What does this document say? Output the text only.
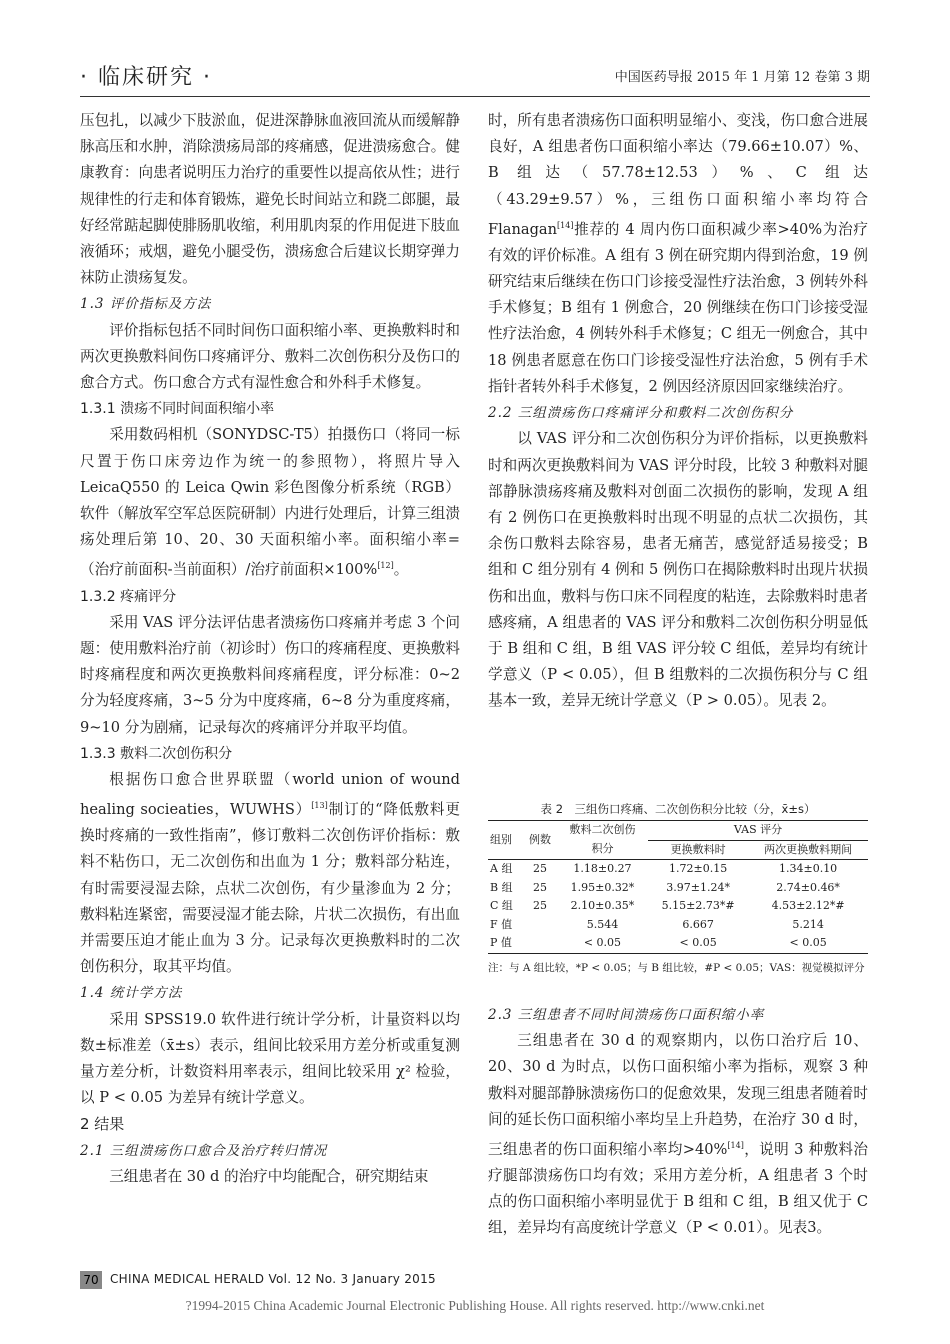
· 临床研究 ·	中国医药导报 2015 年 1 月第 12 卷第 3 期

压包扎，以减少下肢淤血，促进深静脉血液回流从而缓解静脉高压和水肿，消除溃疡局部的疼痛感，促进溃疡愈合。健康教育：向患者说明压力治疗的重要性以提高依从性；进行规律性的行走和体育锻炼，避免长时间站立和跷二郎腿，最好经常踮起脚使腓肠肌收缩，利用肌肉泵的作用促进下肢血液循环；戒烟，避免小腿受伤，溃疡愈合后建议长期穿弹力袜防止溃疡复发。

1.3 评价指标及方法

评价指标包括不同时间伤口面积缩小率、更换敷料时和两次更换敷料间伤口疼痛评分、敷料二次创伤积分及伤口的愈合方式。伤口愈合方式有湿性愈合和外科手术修复。

1.3.1 溃疡不同时间面积缩小率

采用数码相机（SONYDSC-T5）拍摄伤口（将同一标尺置于伤口床旁边作为统一的参照物），将照片导入 LeicaQ550 的 Leica Qwin 彩色图像分析系统（RGB）软件（解放军空军总医院研制）内进行处理后，计算三组溃疡处理后第 10、20、30 天面积缩小率。面积缩小率=（治疗前面积-当前面积）/治疗前面积×100%[12]。

1.3.2 疼痛评分

采用 VAS 评分法评估患者溃疡伤口疼痛并考虑 3 个问题：使用敷料治疗前（初诊时）伤口的疼痛程度、更换敷料时疼痛程度和两次更换敷料间疼痛程度，评分标准：0~2 分为轻度疼痛，3~5 分为中度疼痛，6~8 分为重度疼痛，9~10 分为剧痛，记录每次的疼痛评分并取平均值。

1.3.3 敷料二次创伤积分

根据伤口愈合世界联盟（world union of wound healing socieaties，WUWHS）[13]制订的“降低敷料更换时疼痛的一致性指南”，修订敷料二次创伤评价指标：敷料不粘伤口，无二次创伤和出血为 1 分；敷料部分粘连，有时需要浸湿去除，点状二次创伤，有少量渗血为 2 分；敷料粘连紧密，需要浸湿才能去除，片状二次损伤，有出血并需要压迫才能止血为 3 分。记录每次更换敷料时的二次创伤积分，取其平均值。

1.4 统计学方法

采用 SPSS19.0 软件进行统计学分析，计量资料以均数±标准差（x̄±s）表示，组间比较采用方差分析或重复测量方差分析，计数资料用率表示，组间比较采用 χ² 检验，以 P < 0.05 为差异有统计学意义。

2 结果

2.1 三组溃疡伤口愈合及治疗转归情况

三组患者在 30 d 的治疗中均能配合，研究期结束

时，所有患者溃疡伤口面积明显缩小、变浅，伤口愈合进展良好，A 组患者伤口面积缩小率达（79.66±10.07）%、B 组达（57.78±12.53）%、C 组达（43.29±9.57）%，三组伤口面积缩小率均符合 Flanagan[14]推荐的 4 周内伤口面积减少率>40%为治疗有效的评价标准。A 组有 3 例在研究期内得到治愈，19 例研究结束后继续在伤口门诊接受湿性疗法治愈，3 例转外科手术修复；B 组有 1 例愈合，20 例继续在伤口门诊接受湿性疗法治愈，4 例转外科手术修复；C 组无一例愈合，其中 18 例患者愿意在伤口门诊接受湿性疗法治愈，5 例有手术指针者转外科手术修复，2 例因经济原因回家继续治疗。

2.2 三组溃疡伤口疼痛评分和敷料二次创伤积分

以 VAS 评分和二次创伤积分为评价指标，以更换敷料时和两次更换敷料间为 VAS 评分时段，比较 3 种敷料对腿部静脉溃疡疼痛及敷料对创面二次损伤的影响，发现 A 组有 2 例伤口在更换敷料时出现不明显的点状二次损伤，其余伤口敷料去除容易，患者无痛苦，感觉舒适易接受；B 组和 C 组分别有 4 例和 5 例伤口在揭除敷料时出现片状损伤和出血，敷料与伤口床不同程度的粘连，去除敷料时患者感疼痛，A 组患者的 VAS 评分和敷料二次创伤积分明显低于 B 组和 C 组，B 组 VAS 评分较 C 组低，差异均有统计学意义（P < 0.05），但 B 组敷料的二次损伤积分与 C 组基本一致，差异无统计学意义（P > 0.05）。见表 2。

表 2　三组伤口疼痛、二次创伤积分比较（分，x̄±s）
组别	例数	敷料二次创伤	VAS 评分	
		积分	更换敷料时	两次更换敷料期间
A 组	25	1.18±0.27	1.72±0.15	1.34±0.10
B 组	25	1.95±0.32*	3.97±1.24*	2.74±0.46*
C 组	25	2.10±0.35*	5.15±2.73*#	4.53±2.12*#
F 值		5.544	6.667	5.214
P 值		< 0.05	< 0.05	< 0.05
注：与 A 组比较，*P < 0.05；与 B 组比较，#P < 0.05；VAS：视觉模拟评分

2.3 三组患者不同时间溃疡伤口面积缩小率

三组患者在 30 d 的观察期内，以伤口治疗后 10、20、30 d 为时点，以伤口面积缩小率为指标，观察 3 种敷料对腿部静脉溃疡伤口的促愈效果，发现三组患者随着时间的延长伤口面积缩小率均呈上升趋势，在治疗 30 d 时，三组患者的伤口面积缩小率均>40%[14]，说明 3 种敷料治疗腿部溃疡伤口均有效；采用方差分析，A 组患者 3 个时点的伤口面积缩小率明显优于 B 组和 C 组，B 组又优于 C 组，差异均有高度统计学意义（P < 0.01）。见表3。

70 CHINA MEDICAL HERALD Vol. 12 No. 3 January 2015
?1994-2015 China Academic Journal Electronic Publishing House. All rights reserved. http://www.cnki.net
